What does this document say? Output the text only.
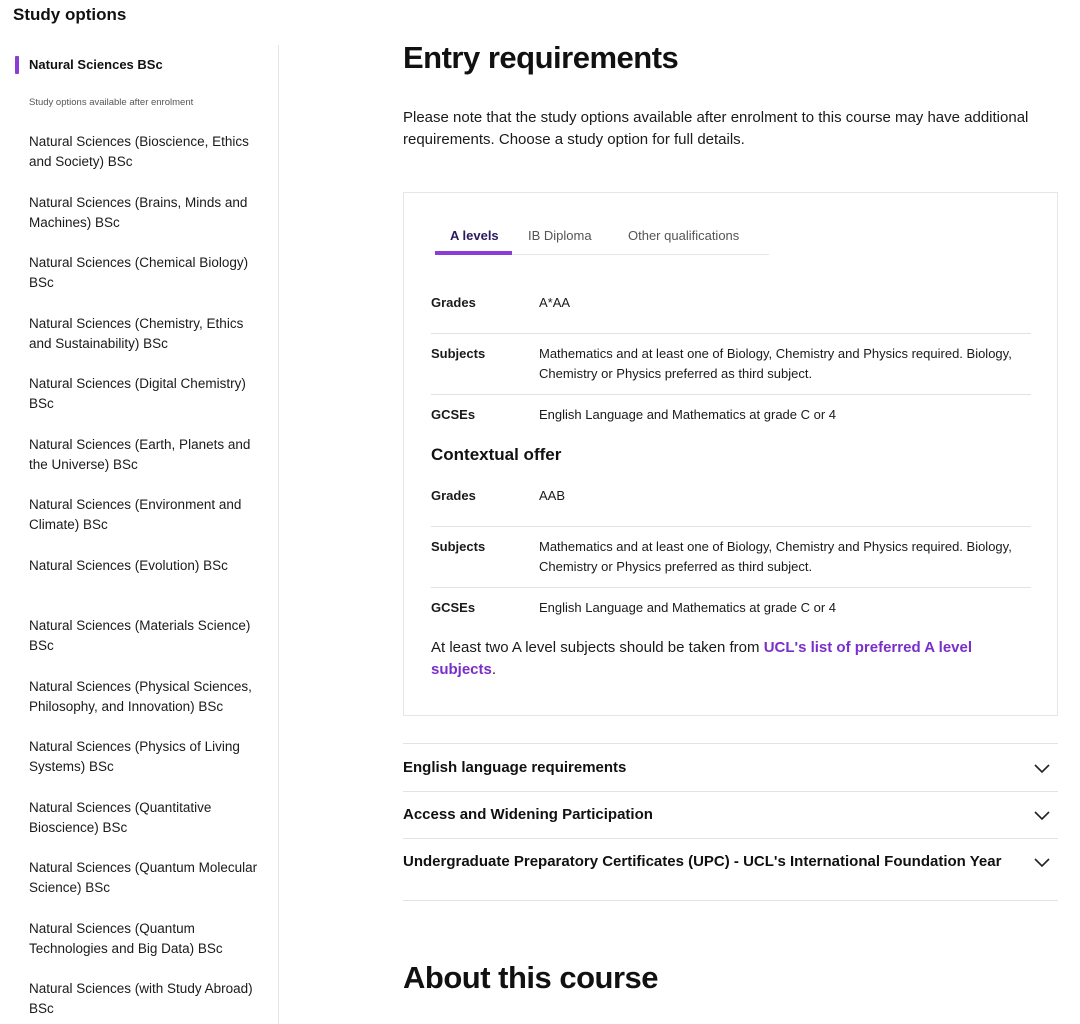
Study options
Natural Sciences BSc
Study options available after enrolment
Natural Sciences (Bioscience, Ethics and Society) BSc
Natural Sciences (Brains, Minds and Machines) BSc
Natural Sciences (Chemical Biology) BSc
Natural Sciences (Chemistry, Ethics and Sustainability) BSc
Natural Sciences (Digital Chemistry) BSc
Natural Sciences (Earth, Planets and the Universe) BSc
Natural Sciences (Environment and Climate) BSc
Natural Sciences (Evolution) BSc
Natural Sciences (Materials Science) BSc
Natural Sciences (Physical Sciences, Philosophy, and Innovation) BSc
Natural Sciences (Physics of Living Systems) BSc
Natural Sciences (Quantitative Bioscience) BSc
Natural Sciences (Quantum Molecular Science) BSc
Natural Sciences (Quantum Technologies and Big Data) BSc
Natural Sciences (with Study Abroad) BSc
Entry requirements

Please note that the study options available after enrolment to this course may have additional requirements. Choose a study option for full details.

A levels IB Diploma	Other qualifications
Grades	A*AA
Subjects	Mathematics and at least one of Biology, Chemistry and Physics required. Biology, Chemistry or Physics preferred as third subject.
GCSEs	English Language and Mathematics at grade C or 4
Contextual offer
Grades	AAB
Subjects	Mathematics and at least one of Biology, Chemistry and Physics required. Biology, Chemistry or Physics preferred as third subject.
GCSEs	English Language and Mathematics at grade C or 4

At least two A level subjects should be taken from UCL's list of preferred A level subjects.

English language requirements
Access and Widening Participation
Undergraduate Preparatory Certificates (UPC) - UCL's International Foundation Year
About this course
